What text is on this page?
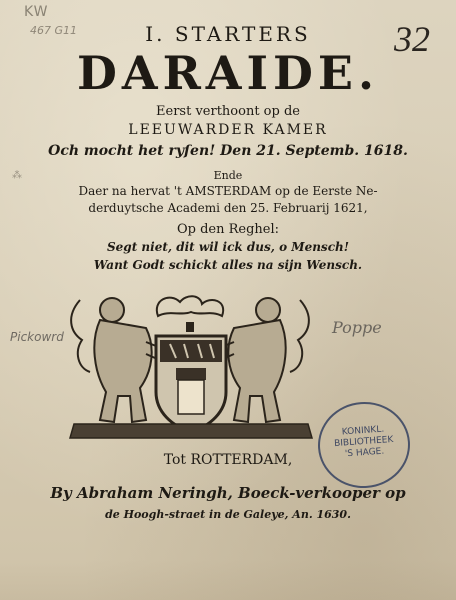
KW
467 G11	32
I. STARTERS
DARAIDE.
Eerst verthoont op de
LEEUWARDER KAMER
Och mocht het ryſen! Den 21. Septemb. 1618.
Ende
Daer na hervat 't AMSTERDAM op de Eerste Ne-
derduytsche Academi den 25. Februarij 1621,
Op den Reghel:
Segt niet, dit wil ick dus, o Mensch!
Want Godt schickt alles na sijn Wensch.
⁂
Pickowrd	Poppe
KONINKL.
BIBLIOTHEEK
'S HAGE.
Tot ROTTERDAM,
By Abraham Neringh, Boeck-verkooper op
de Hoogh-straet in de Galeye, An. 1630.
